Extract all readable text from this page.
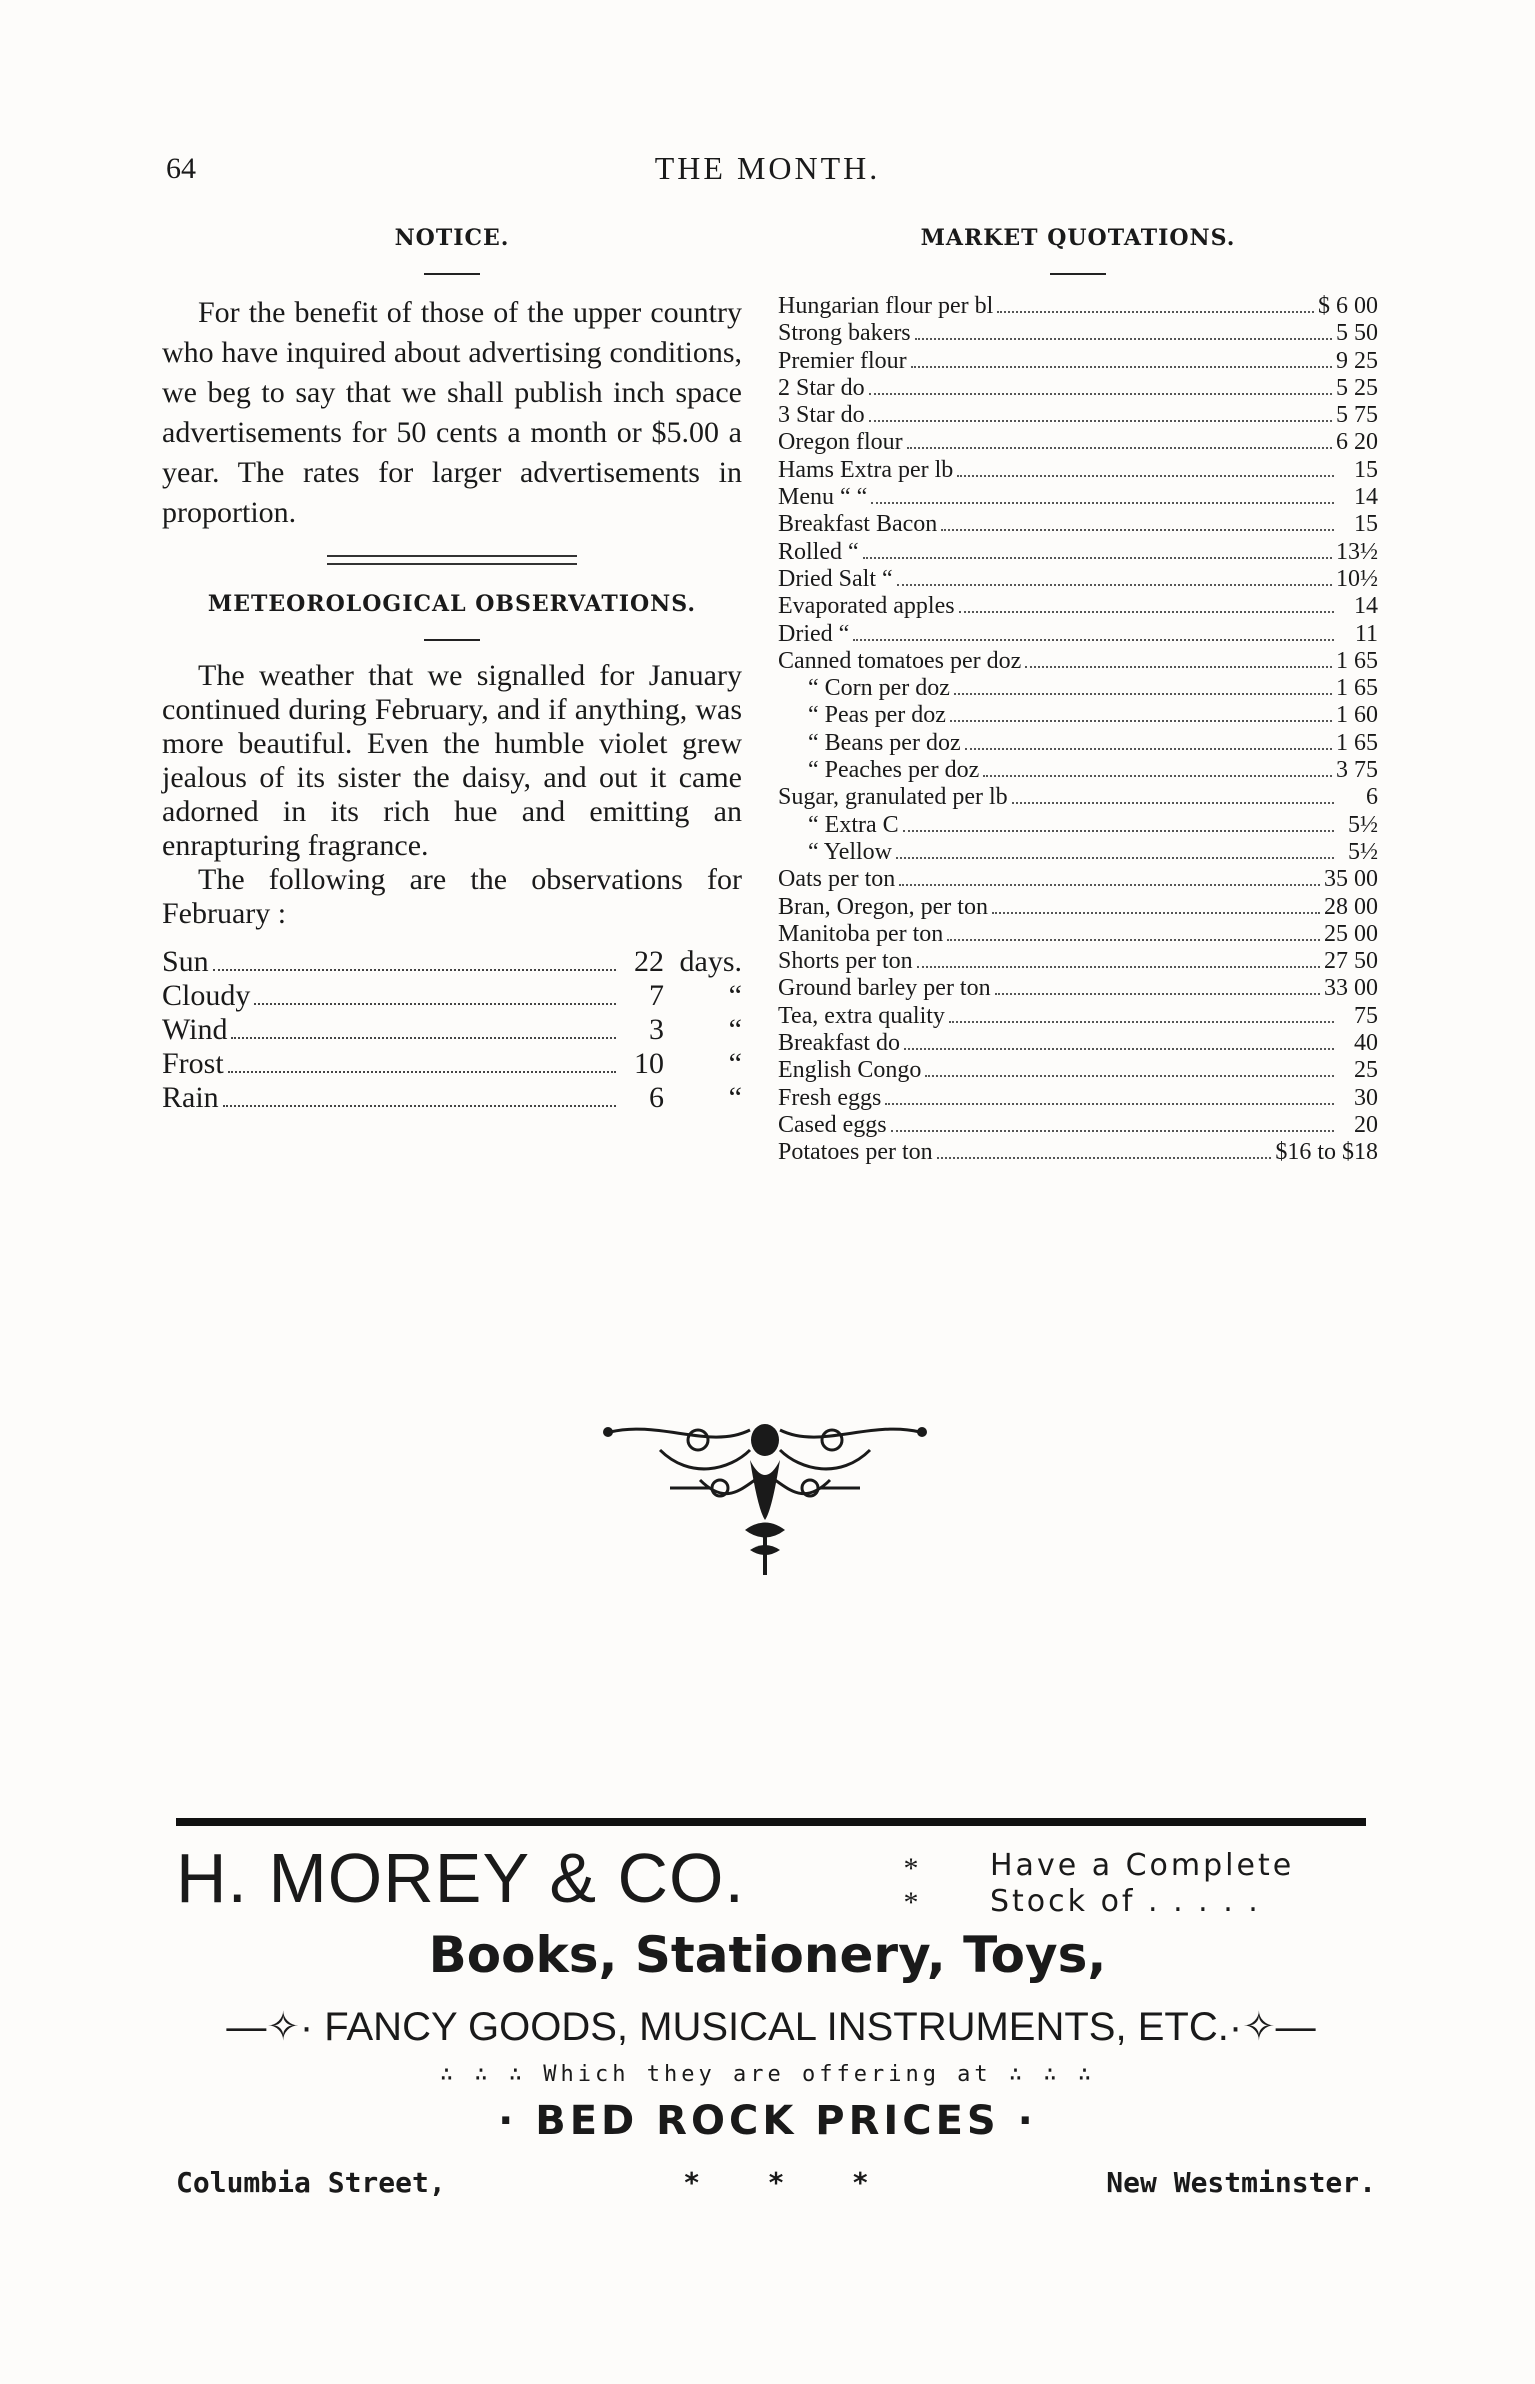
64	THE MONTH.
NOTICE.
For the benefit of those of the upper country who have inquired about advertising conditions, we beg to say that we shall publish inch space advertisements for 50 cents a month or $5.00 a year. The rates for larger advertisements in proportion.
METEOROLOGICAL OBSERVATIONS.
The weather that we signalled for January continued during February, and if anything, was more beautiful. Even the humble violet grew jealous of its sister the daisy, and out it came adorned in its rich hue and emitting an enrapturing fragrance.
The following are the observations for February :
Sun	22 days.
Cloudy	7	“
Wind	3	“
Frost	10	“
Rain	6	“
MARKET QUOTATIONS.
Hungarian flour per bl	$ 6 00
Strong bakers	5 50
Premier flour	9 25
2 Star do	5 25
3 Star do	5 75
Oregon flour	6 20
Hams Extra per lb	15
Menu “ “	14
Breakfast Bacon	15
Rolled “	13½
Dried Salt “	10½
Evaporated apples	14
Dried “	11
Canned tomatoes per doz	1 65
“ Corn per doz	1 65
“ Peas per doz	1 60
“ Beans per doz	1 65
“ Peaches per doz	3 75
Sugar, granulated per lb	6
“ Extra C	5½
“ Yellow	5½
Oats per ton	35 00
Bran, Oregon, per ton	28 00
Manitoba per ton	25 00
Shorts per ton	27 50
Ground barley per ton	33 00
Tea, extra quality	75
Breakfast do	40
English Congo	25
Fresh eggs	30
Cased eggs	20
Potatoes per ton	$16 to $18
H. MOREY & CO.	*
*
Have a Complete
Stock of . . . . .
Books, Stationery, Toys,
—✧· FANCY GOODS, MUSICAL INSTRUMENTS, ETC.·✧—
∴ ∴ ∴ Which they are offering at ∴ ∴ ∴
· BED ROCK PRICES ·
Columbia Street,	*    *    *	New Westminster.
